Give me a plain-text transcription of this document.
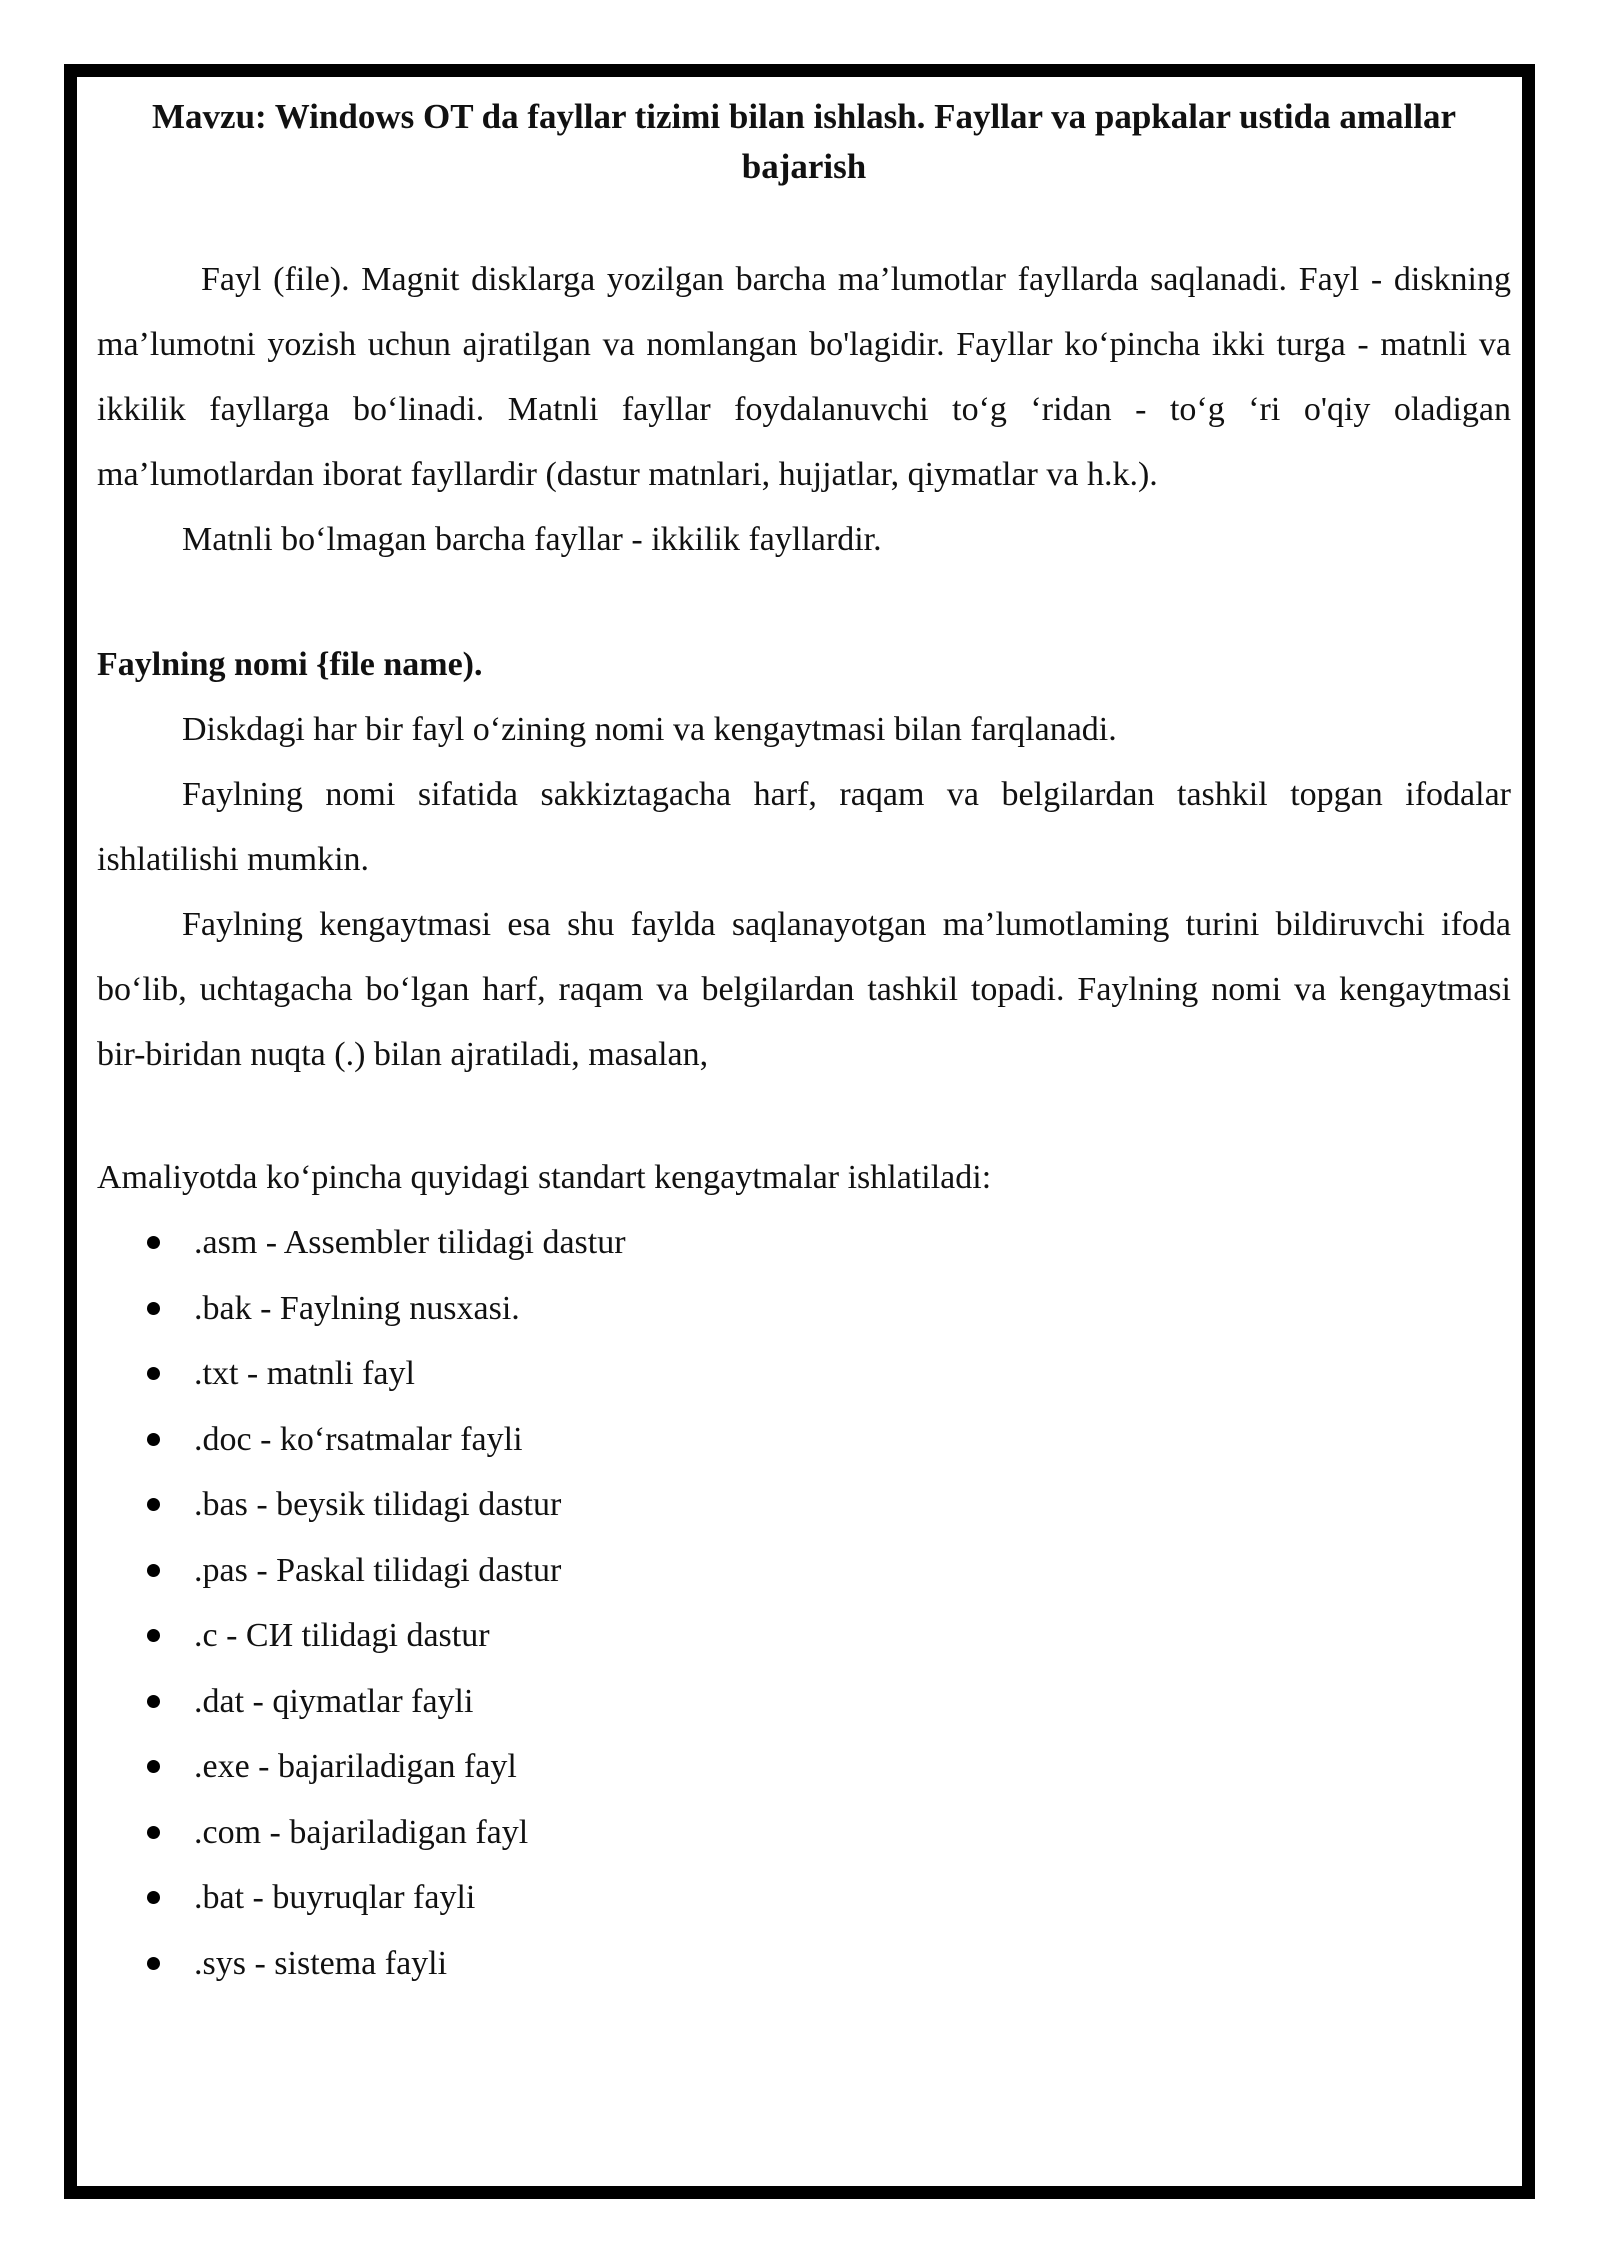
Mavzu: Windows OT da fayllar tizimi bilan ishlash. Fayllar va papkalar ustida amallar bajarish

Fayl (file). Magnit disklarga yozilgan barcha ma’lumotlar fayllarda saqlanadi. Fayl - diskning ma’lumotni yozish uchun ajratilgan va nomlangan bo'lagidir. Fayllar ko‘pincha ikki turga - matnli va ikkilik fayllarga bo‘linadi. Matnli fayllar foydalanuvchi to‘g ‘ridan - to‘g ‘ri o'qiy oladigan ma’lumotlardan iborat fayllardir (dastur matnlari, hujjatlar, qiymatlar va h.k.).

Matnli bo‘lmagan barcha fayllar - ikkilik fayllardir.

Faylning nomi {file name).

Diskdagi har bir fayl o‘zining nomi va kengaytmasi bilan farqlanadi.

Faylning nomi sifatida sakkiztagacha harf, raqam va belgilardan tashkil topgan ifodalar ishlatilishi mumkin.

Faylning kengaytmasi esa shu faylda saqlanayotgan ma’lumotlaming turini bildiruvchi ifoda bo‘lib, uchtagacha bo‘lgan harf, raqam va belgilardan tashkil topadi. Faylning nomi va kengaytmasi bir-biridan nuqta (.) bilan ajratiladi, masalan,

Amaliyotda ko‘pincha quyidagi standart kengaytmalar ishlatiladi:

.asm - Assembler tilidagi dastur
.bak - Faylning nusxasi.
.txt - matnli fayl
.doc - ko‘rsatmalar fayli
.bas - beysik tilidagi dastur
.pas - Paskal tilidagi dastur
.c - СИ tilidagi dastur
.dat - qiymatlar fayli
.exe - bajariladigan fayl
.com - bajariladigan fayl
.bat - buyruqlar fayli
.sys - sistema fayli
